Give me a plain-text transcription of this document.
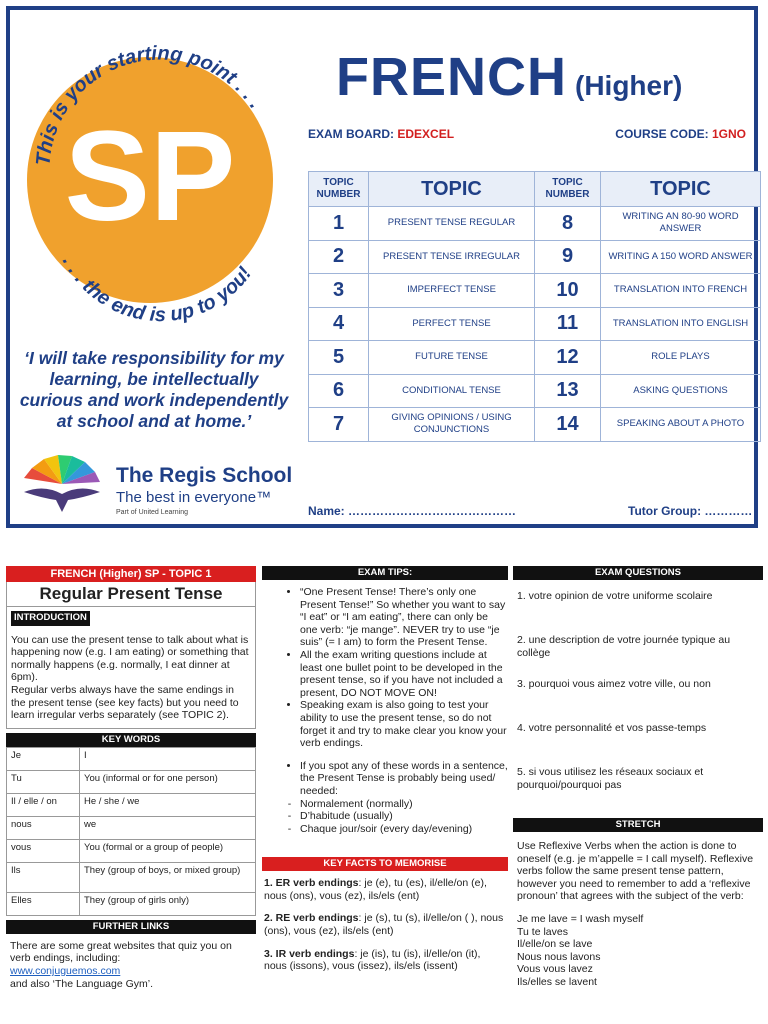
SP
This is your starting point . . .
. . . the end is up to you!
‘I will take responsibility for my learning, be intellectually curious and work independently at school and at home.’
The Regis School
The best in everyone™
Part of United Learning
FRENCH (Higher)
EXAM BOARD: EDEXCEL	COURSE CODE: 1GNO
TOPIC NUMBER	TOPIC	TOPIC NUMBER	TOPIC
1	PRESENT TENSE REGULAR	8	WRITING AN 80-90 WORD ANSWER
2	PRESENT TENSE IRREGULAR	9	WRITING A 150 WORD ANSWER
3	IMPERFECT TENSE	10	TRANSLATION INTO FRENCH
4	PERFECT TENSE	11	TRANSLATION INTO ENGLISH
5	FUTURE TENSE	12	ROLE PLAYS
6	CONDITIONAL TENSE	13	ASKING QUESTIONS
7	GIVING OPINIONS / USING CONJUNCTIONS	14	SPEAKING ABOUT A PHOTO
Name: ……………………………………	Tutor Group: …………
FRENCH (Higher) SP - TOPIC 1
Regular Present Tense
INTRODUCTION
You can use the present tense to talk about what is happening now (e.g. I am eating) or something that normally happens (e.g. normally, I eat dinner at 6pm).
Regular verbs always have the same endings in the present tense (see key facts) but you need to learn irregular verbs separately (see TOPIC 2).
KEY WORDS
Je	I
Tu	You (informal or for one person)
Il / elle / on	He / she / we
nous	we
vous	You (formal or a group of people)
Ils	They (group of boys, or mixed group)
Elles	They (group of girls only)
FURTHER LINKS
There are some great websites that quiz you on verb endings, including:
www.conjuguemos.com
and also ‘The Language Gym’.
EXAM TIPS:
• “One Present Tense! There’s only one Present Tense!” So whether you want to say “I eat” or “I am eating”, there can only be one verb: “je mange”. NEVER try to use “je suis” (= I am) to form the Present Tense.
• All the exam writing questions include at least one bullet point to be developed in the present tense, so if you have not included a present, DO NOT MOVE ON!
• Speaking exam is also going to test your ability to use the present tense, so do not forget it and try to make clear you know your verb endings.
• If you spot any of these words in a sentence, the Present Tense is probably being used/ needed:
- Normalement (normally)
- D’habitude (usually)
- Chaque jour/soir (every day/evening)
KEY FACTS TO MEMORISE
1. ER verb endings: je (e), tu (es), il/elle/on (e), nous (ons), vous (ez), ils/els (ent)
2. RE verb endings: je (s), tu (s), il/elle/on ( ), nous (ons), vous (ez), ils/els (ent)
3. IR verb endings: je (is), tu (is), il/elle/on (it), nous (issons), vous (issez), ils/els (issent)
EXAM QUESTIONS
1. votre opinion de votre uniforme scolaire
2. une description de votre journée typique au collège
3. pourquoi vous aimez votre ville, ou non
4. votre personnalité et vos passe-temps
5. si vous utilisez les réseaux sociaux et pourquoi/pourquoi pas
STRETCH
Use Reflexive Verbs when the action is done to oneself (e.g. je m’appelle = I call myself). Reflexive verbs follow the same present tense pattern, however you need to remember to add a ‘reflexive pronoun’ that agrees with the subject of the verb:
Je me lave = I wash myself
Tu te laves
Il/elle/on se lave
Nous nous lavons
Vous vous lavez
Ils/elles se lavent
